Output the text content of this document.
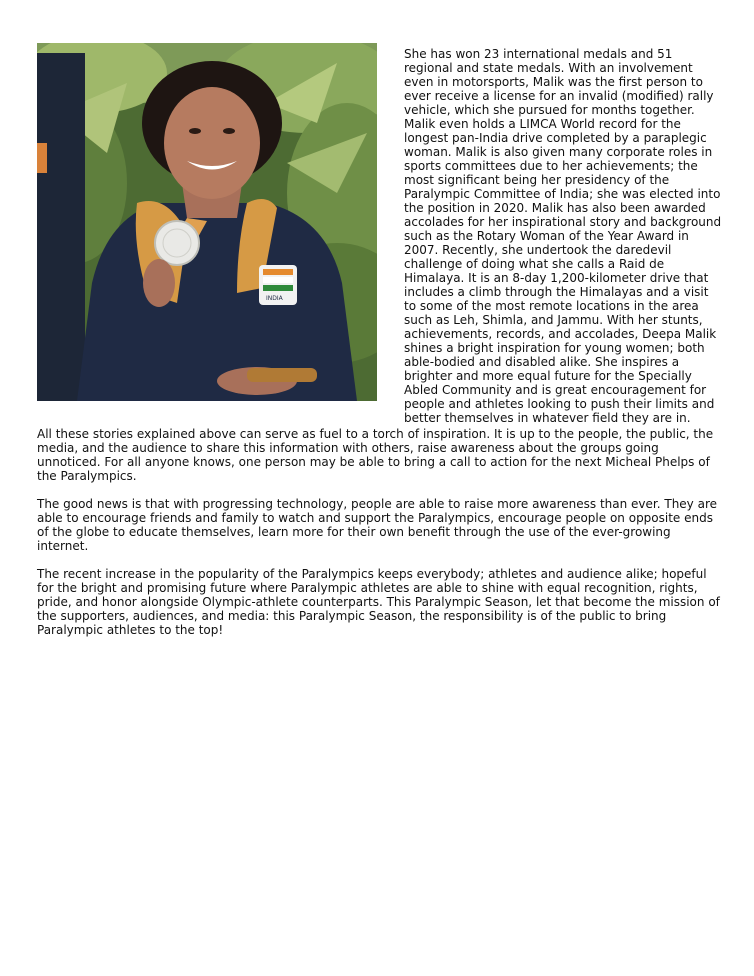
INDIA

She has won 23 international medals and 51 regional and state medals. With an involvement even in motorsports, Malik was the first person to ever receive a license for an invalid (modified) rally vehicle, which she pursued for months together. Malik even holds a LIMCA World record for the longest pan-India drive completed by a paraplegic woman. Malik is also given many corporate roles in sports committees due to her achievements; the most significant being her presidency of the Paralympic Committee of India; she was elected into the position in 2020. Malik has also been awarded accolades for her inspirational story and background such as the Rotary Woman of the Year Award in 2007. Recently, she undertook the daredevil challenge of doing what she calls a Raid de Himalaya. It is an 8-day 1,200-kilometer drive that includes a climb through the Himalayas and a visit to some of the most remote locations in the area such as Leh, Shimla, and Jammu. With her stunts, achievements, records, and accolades, Deepa Malik shines a bright inspiration for young women; both able-bodied and disabled alike. She inspires a brighter and more equal future for the Specially Abled Community and is great encouragement for people and athletes looking to push their limits and better themselves in whatever field they are in.

All these stories explained above can serve as fuel to a torch of inspiration. It is up to the people, the public, the media, and the audience to share this information with others, raise awareness about the groups going unnoticed. For all anyone knows, one person may be able to bring a call to action for the next Micheal Phelps of the Paralympics.

The good news is that with progressing technology, people are able to raise more awareness than ever. They are able to encourage friends and family to watch and support the Paralympics, encourage people on opposite ends of the globe to educate themselves, learn more for their own benefit through the use of the ever-growing internet.

The recent increase in the popularity of the Paralympics keeps everybody; athletes and audience alike; hopeful for the bright and promising future where Paralympic athletes are able to shine with equal recognition, rights, pride, and honor alongside Olympic-athlete counterparts. This Paralympic Season, let that become the mission of the supporters, audiences, and media: this Paralympic Season, the responsibility is of the public to bring Paralympic athletes to the top!
